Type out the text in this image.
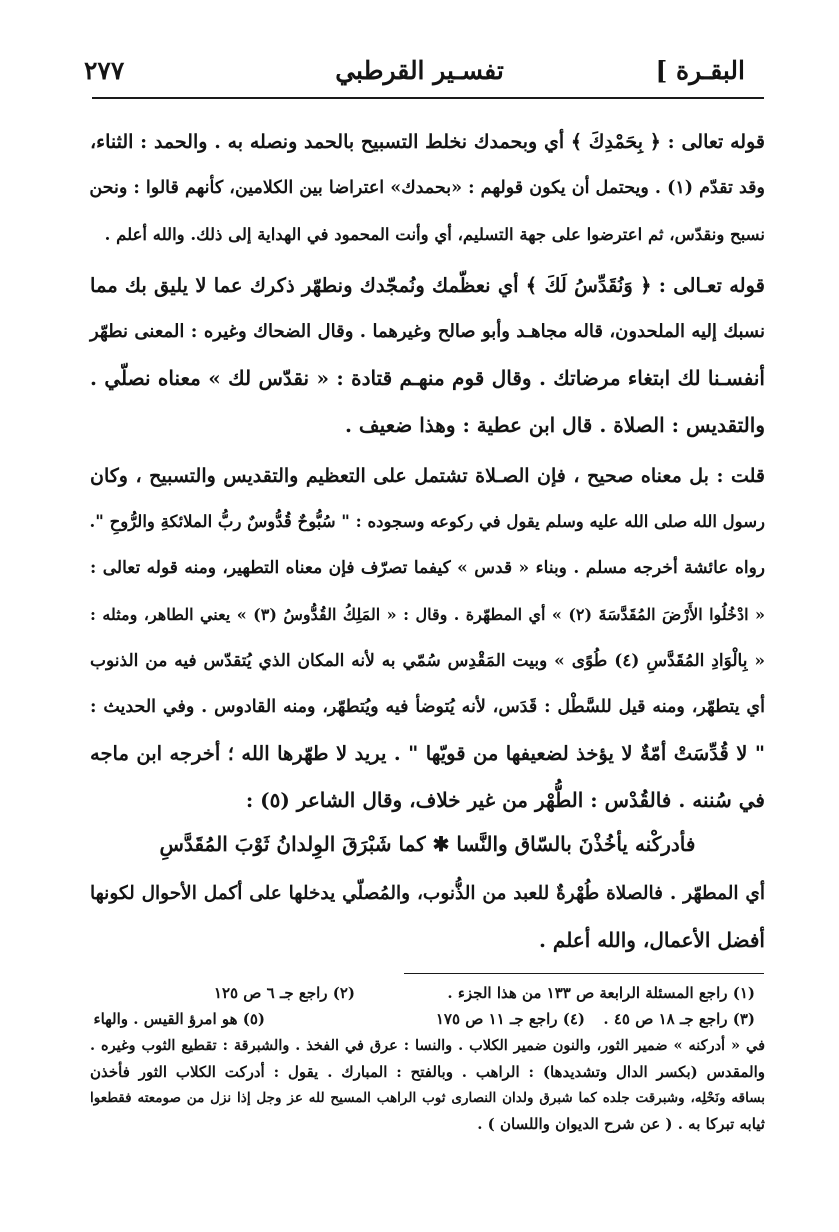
٢٧٧	تفسـير القرطبي	البقـرة ]
قوله تعالى : ﴿ بِحَمْدِكَ ﴾ أي وبحمدك نخلط التسبيح بالحمد ونصله به . والحمد : الثناء،
وقد تقدّم (١) . ويحتمل أن يكون قولهم : «بحمدك» اعتراضا بين الكلامين، كأنهم قالوا : ونحن
نسبح ونقدّس، ثم اعترضوا على جهة التسليم، أي وأنت المحمود في الهداية إلى ذلك. والله أعلم .
قوله تعـالى : ﴿ وَنُقَدِّسُ لَكَ ﴾ أي نعظّمك ونُمجّدك ونطهّر ذكرك عما لا يليق بك مما
نسبك إليه الملحدون، قاله مجاهـد وأبو صالح وغيرهما . وقال الضحاك وغيره : المعنى نطهّر
أنفسـنا لك ابتغاء مرضاتك . وقال قوم منهـم قتادة : « نقدّس لك » معناه نصلّي .
والتقديس : الصلاة . قال ابن عطية : وهذا ضعيف .
قلت : بل معناه صحيح ، فإن الصـلاة تشتمل على التعظيم والتقديس والتسبيح ، وكان
رسول الله صلى الله عليه وسلم يقول في ركوعه وسجوده : " سُبُّوحٌ قُدُّوسٌ ربُّ الملائكةِ والرُّوحِ ".
رواه عائشة أخرجه مسلم . وبناء « قدس » كيفما تصرّف فإن معناه التطهير، ومنه قوله تعالى :
« ادْخُلُوا الأَرْضَ المُقَدَّسَةَ (٢) » أي المطهّرة . وقال : « المَلِكُ القُدُّوسُ (٣) » يعني الطاهر، ومثله :
« بِالْوَادِ المُقَدَّسِ (٤) طُوًى » وبيت المَقْدِس سُمّي به لأنه المكان الذي يُتقدّس فيه من الذنوب
أي يتطهّر، ومنه قيل للسَّطْل : قَدَس، لأنه يُتوضأ فيه ويُتطهّر، ومنه القادوس . وفي الحديث :
" لا قُدِّسَتْ أمّةٌ لا يؤخذ لضعيفها من قويّها " . يريد لا طهّرها الله ؛ أخرجه ابن ماجه
في سُننه . فالقُدْس : الطُّهْر من غير خلاف، وقال الشاعر (٥) :
فأدركْنه يأخُذْنَ بالسّاق والنَّسا ✱ كما شَبْرَقَ الوِلدانُ ثَوْبَ المُقَدَّسِ
أي المطهّر . فالصلاة طُهْرةٌ للعبد من الذُّنوب، والمُصلّي يدخلها على أكمل الأحوال لكونها
أفضل الأعمال، والله أعلم .
(١) راجع المسئلة الرابعة ص ١٣٣ من هذا الجزء .
(٢) راجع جـ ٦ ص ١٢٥
(٣) راجع جـ ١٨ ص ٤٥ .
(٤) راجع جـ ١١ ص ١٧٥
(٥) هو امرؤ القيس . والهاء
في « أدركنه » ضمير الثور، والنون ضمير الكلاب . والنسا : عرق في الفخذ . والشبرقة : تقطيع الثوب وغيره .
والمقدس (بكسر الدال وتشديدها) : الراهب . وبالفتح : المبارك . يقول : أدركت الكلاب الثور فأخذن
بساقه ونَحْلِه، وشبرقت جلده كما شبرق ولدان النصارى ثوب الراهب المسيح لله عز وجل إذا نزل من صومعته فقطعوا
ثيابه تبركا به . ( عن شرح الديوان واللسان ) .
